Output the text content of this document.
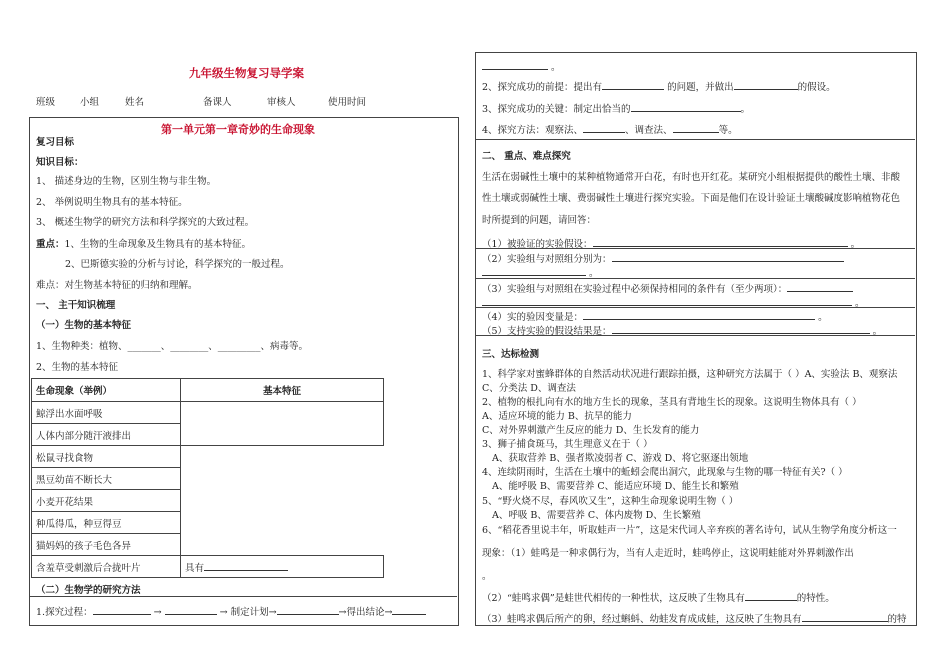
九年级生物复习导学案
班级	小组	姓名	备课人	审核人	使用时间
第一单元第一章奇妙的生命现象
复习目标
知识目标：
1、 描述身边的生物，区别生物与非生物。
2、 举例说明生物具有的基本特征。
3、 概述生物学的研究方法和科学探究的大致过程。
重点：1、生物的生命现象及生物具有的基本特征。
2、巴斯德实验的分析与讨论，科学探究的一般过程。
难点：对生物基本特征的归纳和理解。
一、 主干知识梳理
（一）生物的基本特征
1、生物种类：植物、_______、________、_________、病毒等。
2、生物的基本特征
生命现象（举例）	基本特征
鲸浮出水面呼吸	
人体内部分随汗液排出	
松鼠寻找食物	
黑豆幼苗不断长大	
小麦开花结果	
种瓜得瓜，种豆得豆	
猫妈妈的孩子毛色各异	
含羞草受刺激后合拢叶片	具有
（二）生物学的研究方法
1.探究过程：	→	→ 制定计划→	→得出结论→
。
2、探究成功的前提：提出有	的问题，并做出	的假设。
3、探究成功的关键：制定出恰当的	。
4、探究方法：观察法、	、调查法、	等。
二、 重点、难点探究
生活在弱碱性土壤中的某种植物通常开白花，有时也开红花。某研究小组根据提供的酸性土壤、非酸
性土壤或弱碱性土壤、费弱碱性土壤进行探究实验。下面是他们在设计验证土壤酸碱度影响植物花色
时所提到的问题，请回答：
（1）被验证的实验假设：	。
（2）实验组与对照组分别为：
。
（3）实验组与对照组在实验过程中必须保持相同的条件有（至少两项）：
。
（4）实的验因变量是：	。
（5）支持实验的假设结果是：	。
三、达标检测
1、科学家对蜜蜂群体的自然活动状况进行跟踪拍摄，这种研究方法属于（ ）A、实验法 B、观察法
C、分类法 D、调查法
2、植物的根扎向有水的地方生长的现象，茎具有背地生长的现象。这说明生物体具有（ ）
A、适应环境的能力 B、抗旱的能力
C、对外界刺激产生反应的能力 D、生长发育的能力
3、狮子捕食斑马，其生理意义在于（ ）
A、获取营养 B、强者欺凌弱者 C、游戏 D、将它驱逐出领地
4、连续阴雨时，生活在土壤中的蚯蚓会爬出洞穴，此现象与生物的哪一特征有关?（ ）
A、能呼吸 B、需要营养 C、能适应环境 D、能生长和繁殖
5、“野火烧不尽，春风吹又生”，这种生命现象说明生物（ ）
A、呼吸 B、需要营养 C、体内废物 D、生长繁殖
6、“稻花香里说丰年，听取蛙声一片”，这是宋代词人辛弃疾的著名诗句，试从生物学角度分析这一
现象：（1）蛙鸣是一种求偶行为，当有人走近时，蛙鸣停止，这说明蛙能对外界刺激作出
。
（2）“蛙鸣求偶”是蛙世代相传的一种性状，这反映了生物具有	的特性。
（3）蛙鸣求偶后所产的卵，经过蝌蚪、幼蛙发育成成蛙，这反映了生物具有	的特
